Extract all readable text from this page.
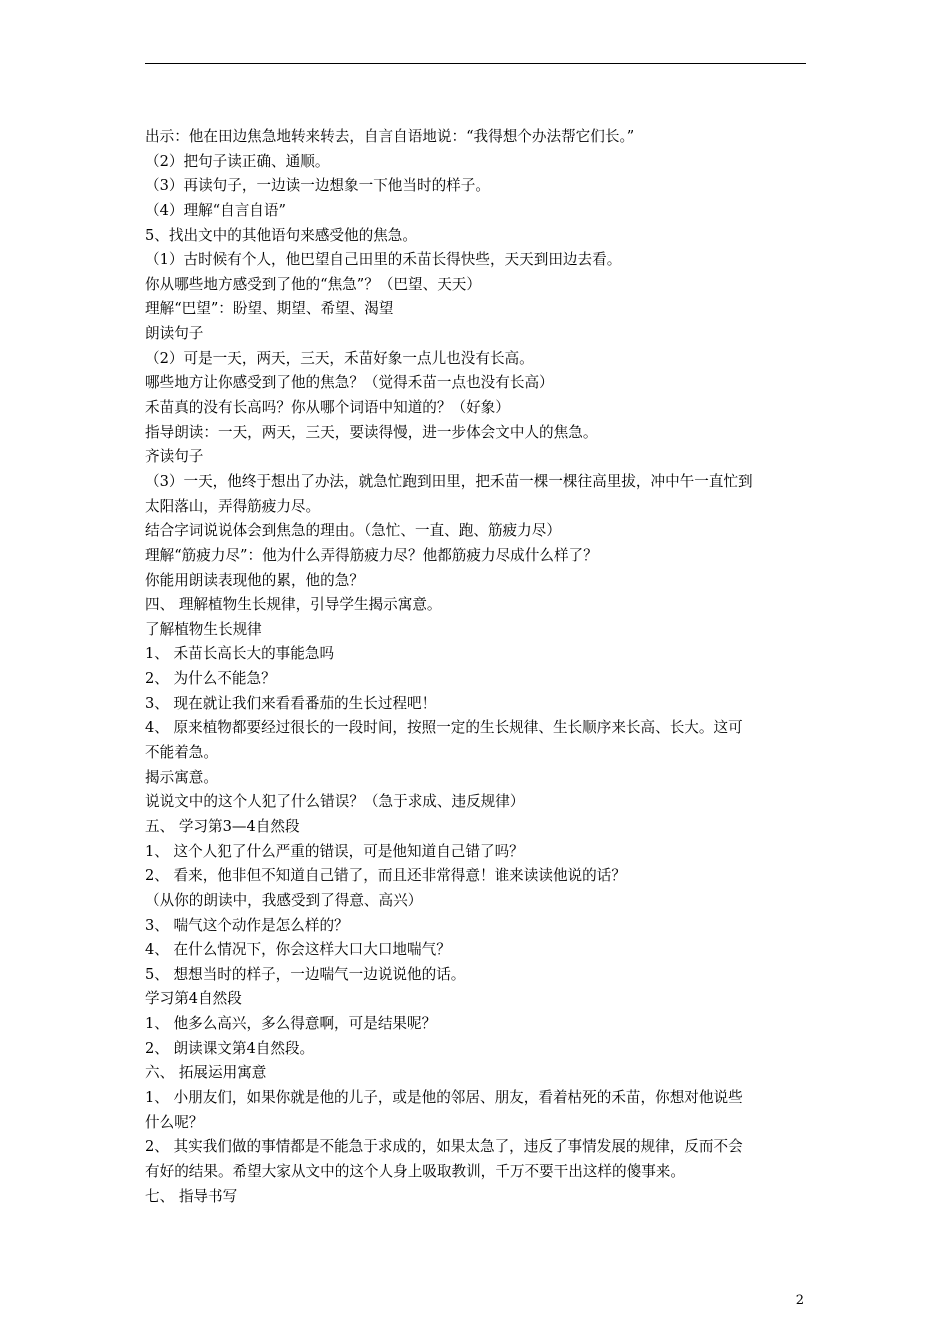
出示：他在田边焦急地转来转去，自言自语地说：“我得想个办法帮它们长。”
（2）把句子读正确、通顺。
（3）再读句子，一边读一边想象一下他当时的样子。
（4）理解“自言自语”
5、找出文中的其他语句来感受他的焦急。
（1）古时候有个人，他巴望自己田里的禾苗长得快些，天天到田边去看。
你从哪些地方感受到了他的“焦急”？（巴望、天天）
理解“巴望”：盼望、期望、希望、渴望
朗读句子
（2）可是一天，两天，三天，禾苗好象一点儿也没有长高。
哪些地方让你感受到了他的焦急？（觉得禾苗一点也没有长高）
禾苗真的没有长高吗？你从哪个词语中知道的？（好象）
指导朗读：一天，两天，三天，要读得慢，进一步体会文中人的焦急。
齐读句子
（3）一天，他终于想出了办法，就急忙跑到田里，把禾苗一棵一棵往高里拔，冲中午一直忙到
太阳落山，弄得筋疲力尽。
结合字词说说体会到焦急的理由。（急忙、一直、跑、筋疲力尽）
理解“筋疲力尽”：他为什么弄得筋疲力尽？他都筋疲力尽成什么样了？
你能用朗读表现他的累，他的急？
四、 理解植物生长规律，引导学生揭示寓意。
了解植物生长规律
1、 禾苗长高长大的事能急吗
2、 为什么不能急？
3、 现在就让我们来看看番茄的生长过程吧！
4、 原来植物都要经过很长的一段时间，按照一定的生长规律、生长顺序来长高、长大。这可
不能着急。
揭示寓意。
说说文中的这个人犯了什么错误？（急于求成、违反规律）
五、 学习第3—4自然段
1、 这个人犯了什么严重的错误，可是他知道自己错了吗？
2、 看来，他非但不知道自己错了，而且还非常得意！谁来读读他说的话？
（从你的朗读中，我感受到了得意、高兴）
3、 喘气这个动作是怎么样的？
4、 在什么情况下，你会这样大口大口地喘气？
5、 想想当时的样子，一边喘气一边说说他的话。
学习第4自然段
1、 他多么高兴，多么得意啊，可是结果呢？
2、 朗读课文第4自然段。
六、 拓展运用寓意
1、 小朋友们，如果你就是他的儿子，或是他的邻居、朋友，看着枯死的禾苗，你想对他说些
什么呢？
2、 其实我们做的事情都是不能急于求成的，如果太急了，违反了事情发展的规律，反而不会
有好的结果。希望大家从文中的这个人身上吸取教训，千万不要干出这样的傻事来。
七、 指导书写
2
